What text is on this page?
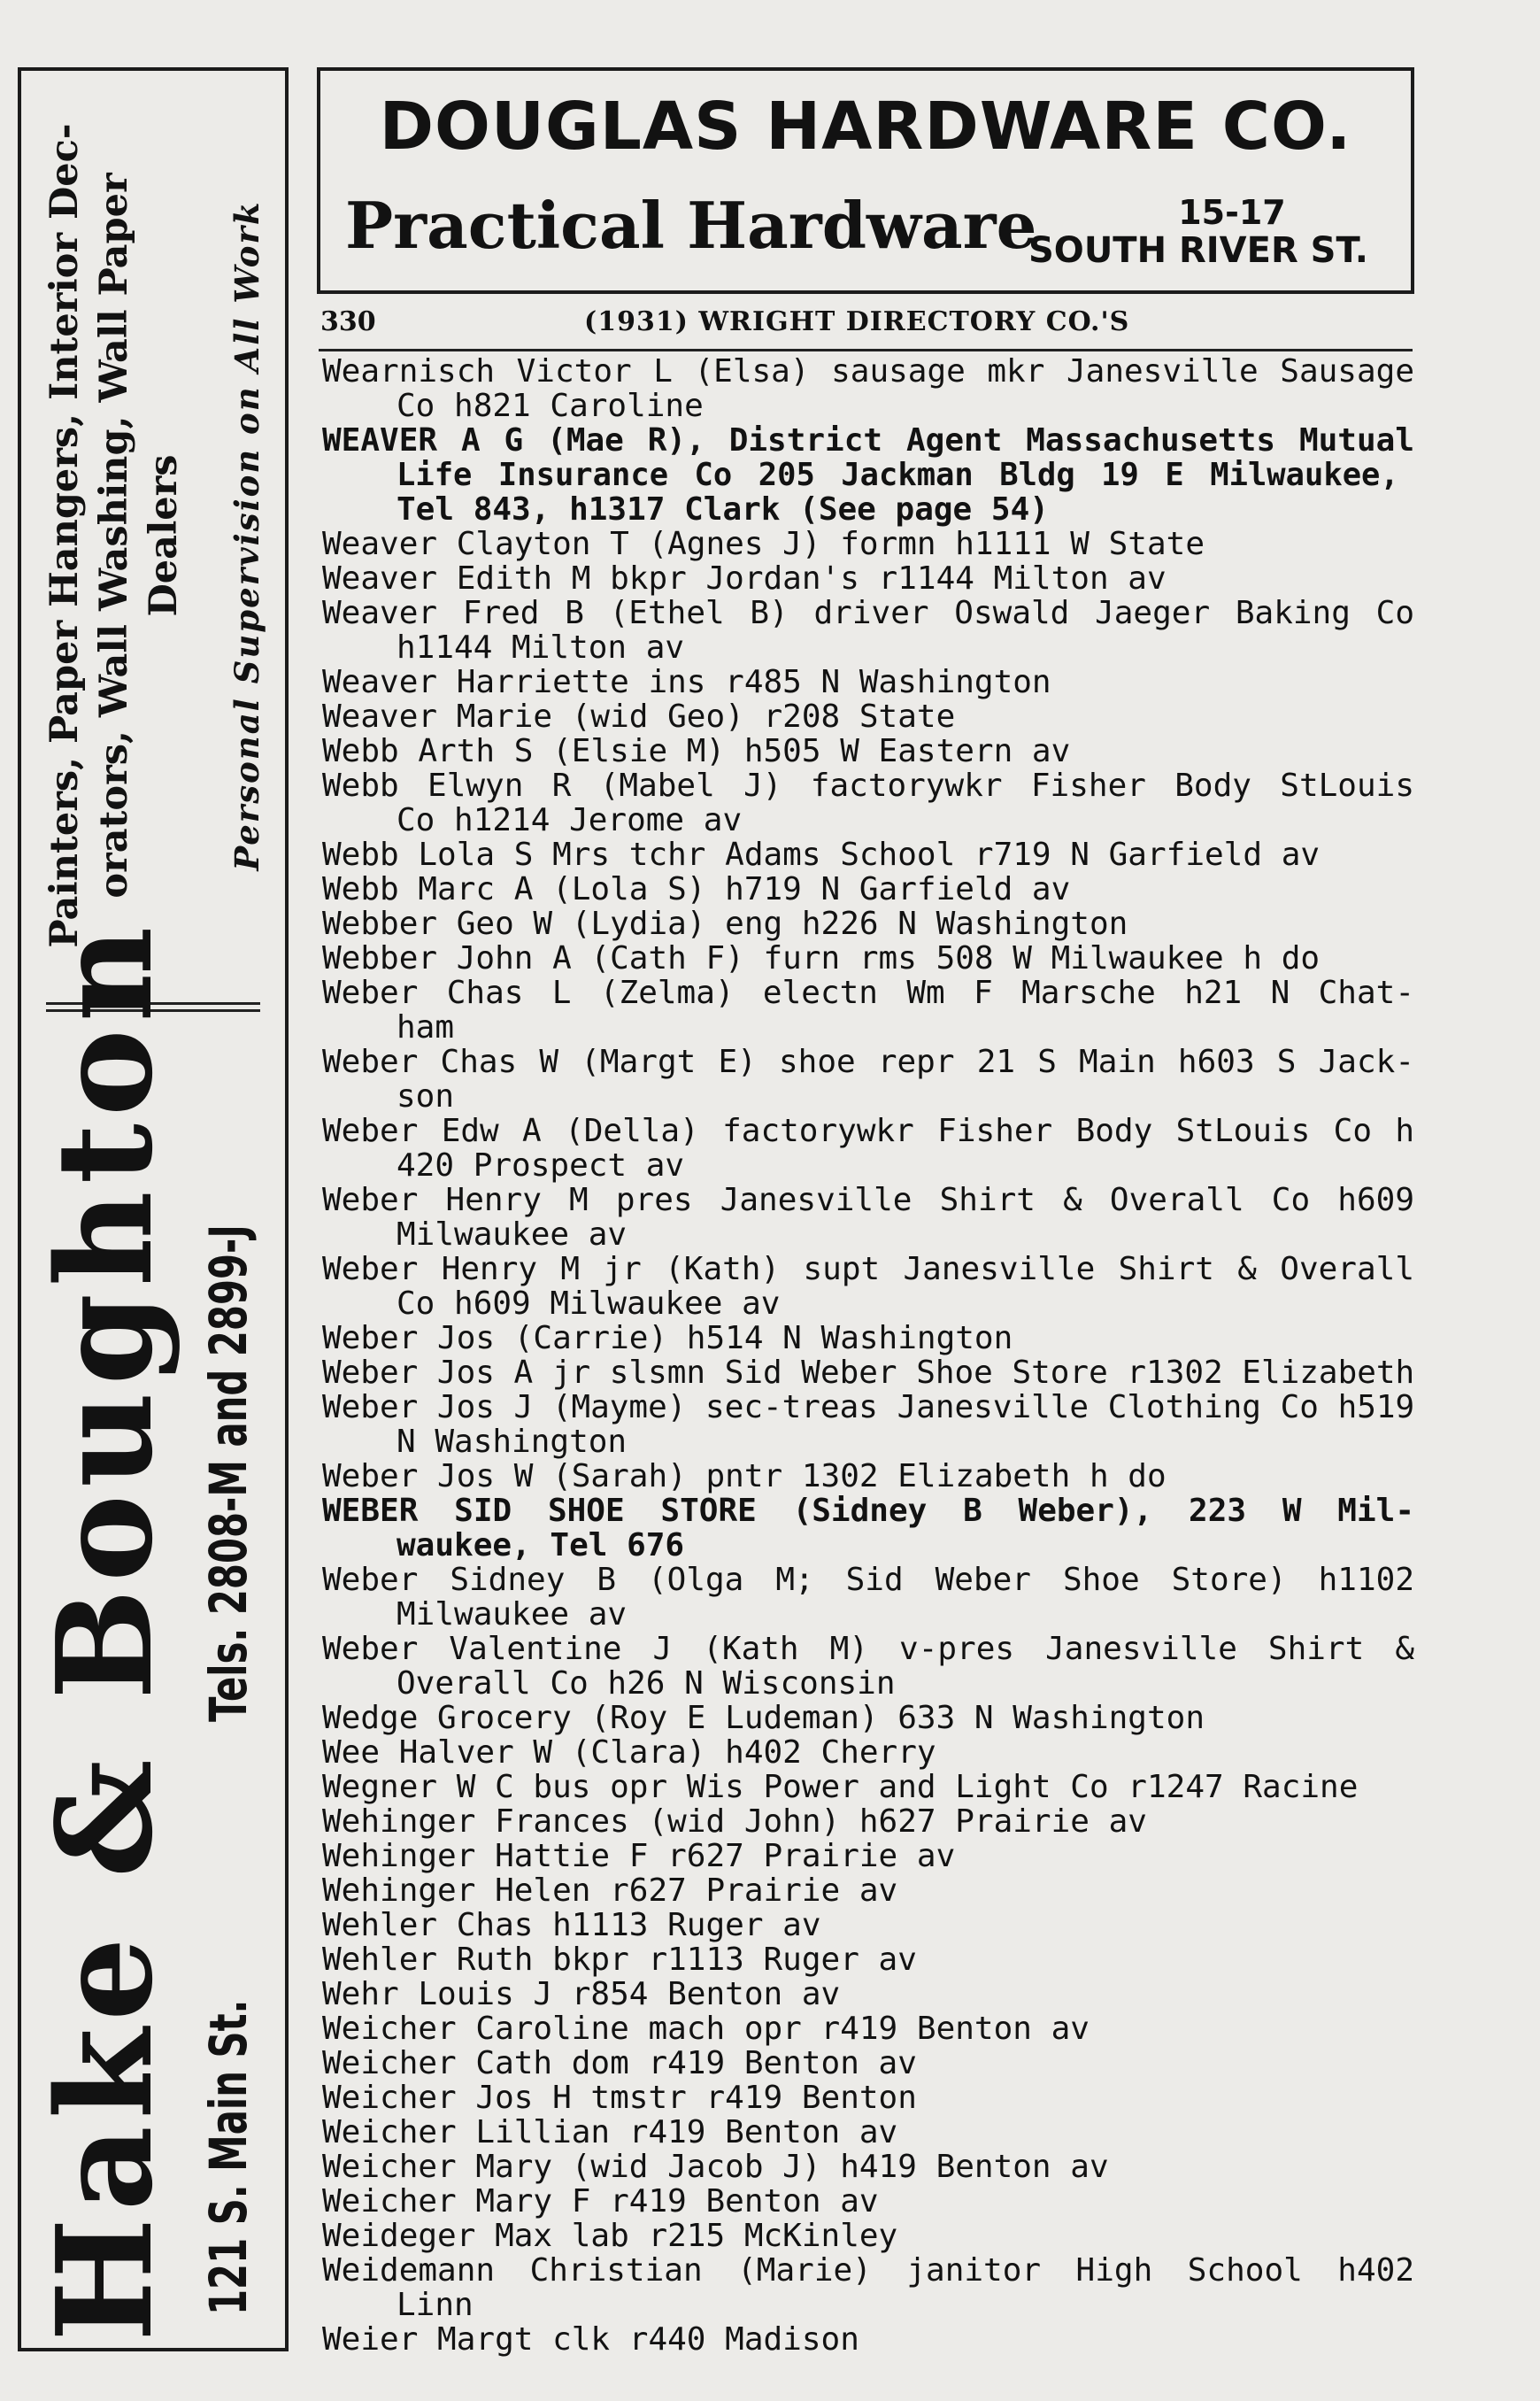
Painters, Paper Hangers, Interior Dec- orators, Wall Washing, Wall Paper Dealers Personal Supervision on All Work
Hake & Boughton 121 S. Main St.
Tels. 2808-M and 2899-J
DOUGLAS HARDWARE CO.
Practical Hardware	15-17
SOUTH RIVER ST.
330	(1931) WRIGHT DIRECTORY CO.'S
Wearnisch Victor L (Elsa) sausage mkr Janesville Sausage
Co h821 Caroline
WEAVER A G (Mae R), District Agent Massachusetts Mutual
Life Insurance Co 205 Jackman Bldg 19 E Milwaukee,
Tel 843, h1317 Clark (See page 54)
Weaver Clayton T (Agnes J) formn h1111 W State
Weaver Edith M bkpr Jordan's r1144 Milton av
Weaver Fred B (Ethel B) driver Oswald Jaeger Baking Co
h1144 Milton av
Weaver Harriette ins r485 N Washington
Weaver Marie (wid Geo) r208 State
Webb Arth S (Elsie M) h505 W Eastern av
Webb Elwyn R (Mabel J) factorywkr Fisher Body StLouis
Co h1214 Jerome av
Webb Lola S Mrs tchr Adams School r719 N Garfield av
Webb Marc A (Lola S) h719 N Garfield av
Webber Geo W (Lydia) eng h226 N Washington
Webber John A (Cath F) furn rms 508 W Milwaukee h do
Weber Chas L (Zelma) electn Wm F Marsche h21 N Chat-
ham
Weber Chas W (Margt E) shoe repr 21 S Main h603 S Jack-
son
Weber Edw A (Della) factorywkr Fisher Body StLouis Co h
420 Prospect av
Weber Henry M pres Janesville Shirt & Overall Co h609
Milwaukee av
Weber Henry M jr (Kath) supt Janesville Shirt & Overall
Co h609 Milwaukee av
Weber Jos (Carrie) h514 N Washington
Weber Jos A jr slsmn Sid Weber Shoe Store r1302 Elizabeth
Weber Jos J (Mayme) sec-treas Janesville Clothing Co h519
N Washington
Weber Jos W (Sarah) pntr 1302 Elizabeth h do
WEBER SID SHOE STORE (Sidney B Weber), 223 W Mil-
waukee, Tel 676
Weber Sidney B (Olga M; Sid Weber Shoe Store) h1102
Milwaukee av
Weber Valentine J (Kath M) v-pres Janesville Shirt &
Overall Co h26 N Wisconsin
Wedge Grocery (Roy E Ludeman) 633 N Washington
Wee Halver W (Clara) h402 Cherry
Wegner W C bus opr Wis Power and Light Co r1247 Racine
Wehinger Frances (wid John) h627 Prairie av
Wehinger Hattie F r627 Prairie av
Wehinger Helen r627 Prairie av
Wehler Chas h1113 Ruger av
Wehler Ruth bkpr r1113 Ruger av
Wehr Louis J r854 Benton av
Weicher Caroline mach opr r419 Benton av
Weicher Cath dom r419 Benton av
Weicher Jos H tmstr r419 Benton
Weicher Lillian r419 Benton av
Weicher Mary (wid Jacob J) h419 Benton av
Weicher Mary F r419 Benton av
Weideger Max lab r215 McKinley
Weidemann Christian (Marie) janitor High School h402
Linn
Weier Margt clk r440 Madison
